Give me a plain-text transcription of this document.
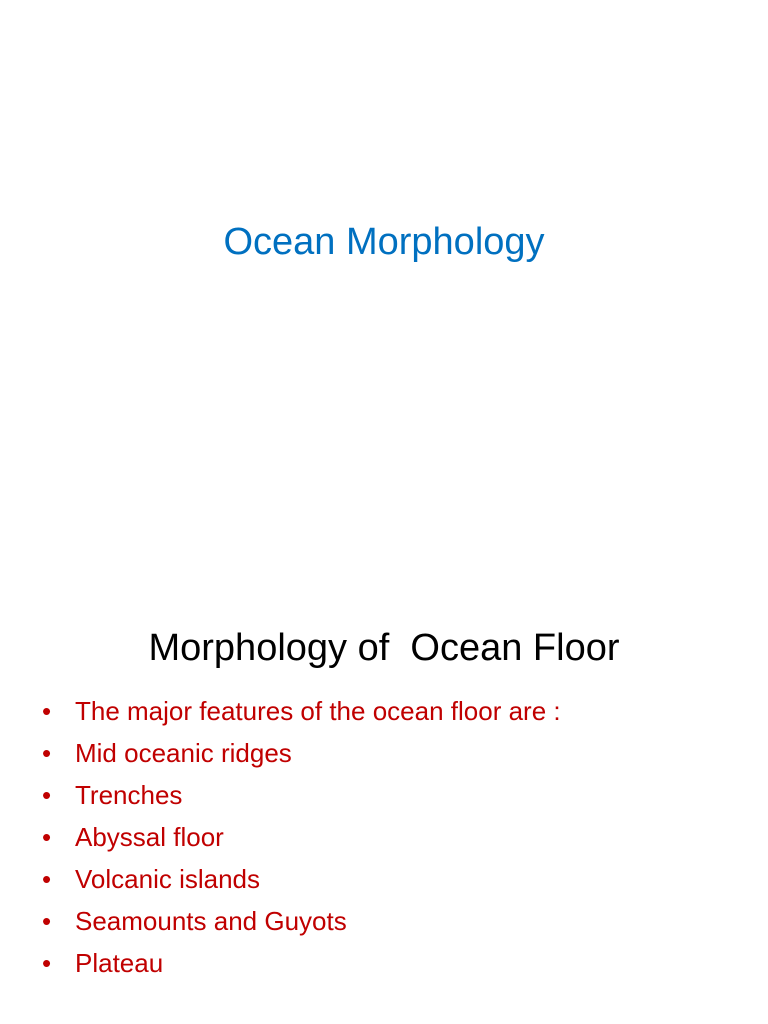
Ocean Morphology
Morphology of  Ocean Floor
• The major features of the ocean floor are :
• Mid oceanic ridges
• Trenches
• Abyssal floor
• Volcanic islands
• Seamounts and Guyots
• Plateau
